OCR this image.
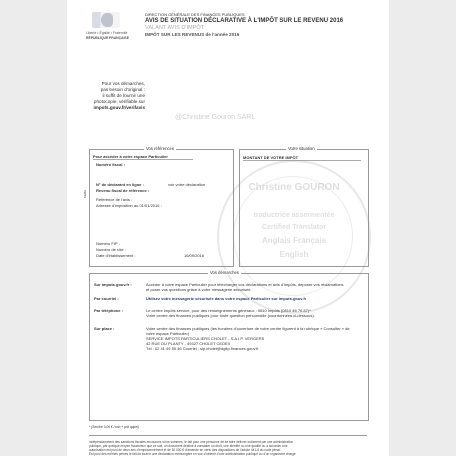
Liberté • Égalité • Fraternité
RÉPUBLIQUE FRANÇAISE
DIRECTION GÉNÉRALE DES FINANCES PUBLIQUES
AVIS DE SITUATION DÉCLARATIVE À L'IMPÔT SUR LE REVENU 2016
VALANT AVIS D'IMPÔT
IMPÔT SUR LES REVENUS de l'année 2015
Pour vos démarches,
pas besoin d'original :
il suffit de fournir une
photocopie, vérifiable sur
impots.gouv.fr/verifavis
@Christine Gouron SARL
Vos références
Pour accéder à votre espace Particulier
Numéro fiscal :
N° de déclarant en ligne :	voir votre déclaration
Revenu fiscal de référence :
Référence de l'avis :
Adresse d'imposition au 01/01/2016 :
Numéro FIP :
Numéro de rôle :
Date d'établissement :	16/09/2016
CEBA
Votre situation
MONTANT DE VOTRE IMPÔT
Christine GOURON
traductrice assermentée
Certified Translator
Anglais Français
English
Vos démarches
Sur impots.gouv.fr :	Accéder à votre espace Particulier pour télécharger vos déclarations et avis d'impôts, déposer vos réclamations
et poser vos questions grâce à votre messagerie sécurisée.
Par courriel :	Utilisez votre messagerie sécurisée dans votre espace Particulier sur impots.gouv.fr
Par téléphone :	Le centre impôts service, pour des renseignements généraux : 0810 Impôts (0810 46 76 87)*
Votre centre des finances publiques pour toute question personnelle (coordonnées ci-dessous).
Sur place :	Votre centre des finances publiques (les horaires d'ouverture de votre centre figurent à la rubrique « Consulter » de
votre espace Particulier)
SERVICE IMPOTS PARTICULIERS CHOLET - S.A.I.P. VERGERS
42 RUE DU PLANTY - 49327 CHOLET CEDEX
Tél : 02 41 49 55 46 Courriel : sip.cholet@dgfip.finances.gouv.fr
* (Service 0,06 € / min + prix appel)
Indépendamment des sanctions fiscales encourues si les sommes, le fait pour une personne de se faire délivrer indûment par une administration
publique, par quelque moyen frauduleux que ce soit, un document destiné à constater un droit, une identité ou une qualité ou à accorder une
autorisation est puni de deux ans d'emprisonnement et de 30 000 € d'amende en vertu des dispositions de l'article 441-6 du code pénal.
Est puni des mêmes peines le fait de fournir une déclaration mensongère en vue d'obtenir d'une administration publique ou d'un organisme chargé
